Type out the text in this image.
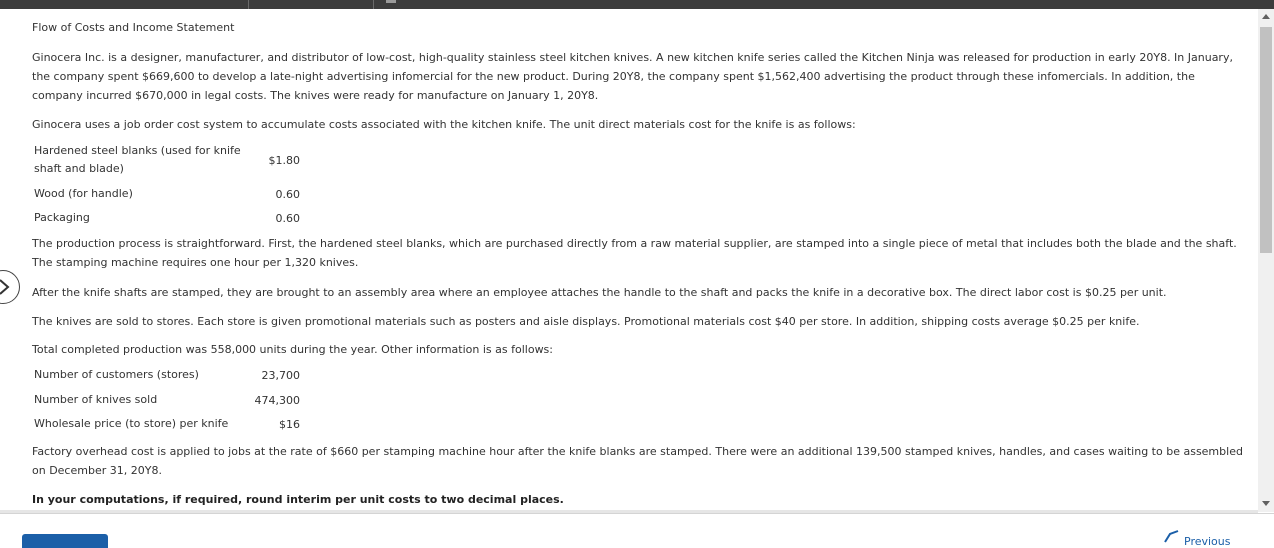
Flow of Costs and Income Statement

Ginocera Inc. is a designer, manufacturer, and distributor of low-cost, high-quality stainless steel kitchen knives. A new kitchen knife series called the Kitchen Ninja was released for production in early 20Y8. In January, the company spent $669,600 to develop a late-night advertising infomercial for the new product. During 20Y8, the company spent $1,562,400 advertising the product through these infomercials. In addition, the company incurred $670,000 in legal costs. The knives were ready for manufacture on January 1, 20Y8.

Ginocera uses a job order cost system to accumulate costs associated with the kitchen knife. The unit direct materials cost for the knife is as follows:

Hardened steel blanks (used for knife shaft and blade)	$1.80
Wood (for handle)	0.60
Packaging	0.60

The production process is straightforward. First, the hardened steel blanks, which are purchased directly from a raw material supplier, are stamped into a single piece of metal that includes both the blade and the shaft. The stamping machine requires one hour per 1,320 knives.

After the knife shafts are stamped, they are brought to an assembly area where an employee attaches the handle to the shaft and packs the knife in a decorative box. The direct labor cost is $0.25 per unit.

The knives are sold to stores. Each store is given promotional materials such as posters and aisle displays. Promotional materials cost $40 per store. In addition, shipping costs average $0.25 per knife.

Total completed production was 558,000 units during the year. Other information is as follows:

Number of customers (stores)	23,700
Number of knives sold	474,300
Wholesale price (to store) per knife	$16

Factory overhead cost is applied to jobs at the rate of $660 per stamping machine hour after the knife blanks are stamped. There were an additional 139,500 stamped knives, handles, and cases waiting to be assembled on December 31, 20Y8.

In your computations, if required, round interim per unit costs to two decimal places.

Previous
